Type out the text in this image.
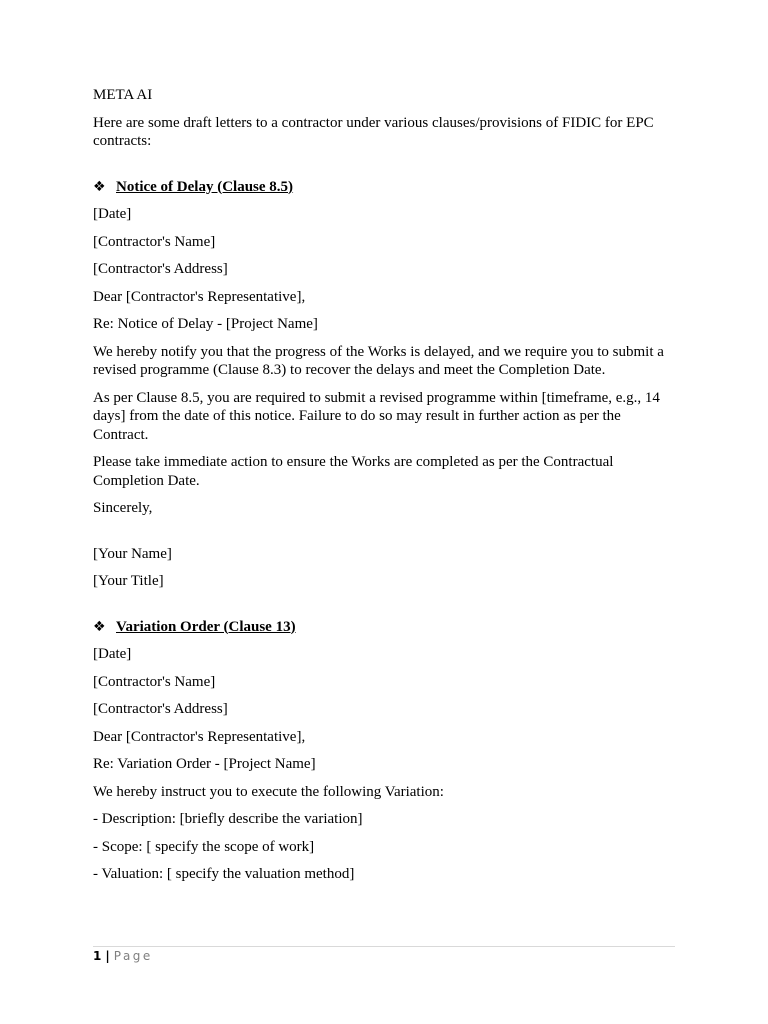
META AI

Here are some draft letters to a contractor under various clauses/provisions of FIDIC for EPC contracts:

❖ Notice of Delay (Clause 8.5)

[Date]

[Contractor's Name]

[Contractor's Address]

Dear [Contractor's Representative],

Re: Notice of Delay - [Project Name]

We hereby notify you that the progress of the Works is delayed, and we require you to submit a revised programme (Clause 8.3) to recover the delays and meet the Completion Date.

As per Clause 8.5, you are required to submit a revised programme within [timeframe, e.g., 14 days] from the date of this notice. Failure to do so may result in further action as per the Contract.

Please take immediate action to ensure the Works are completed as per the Contractual Completion Date.

Sincerely,

[Your Name]

[Your Title]

❖ Variation Order (Clause 13)

[Date]

[Contractor's Name]

[Contractor's Address]

Dear [Contractor's Representative],

Re: Variation Order - [Project Name]

We hereby instruct you to execute the following Variation:

- Description: [briefly describe the variation]

- Scope: [ specify the scope of work]

- Valuation: [ specify the valuation method]

1 | Page
